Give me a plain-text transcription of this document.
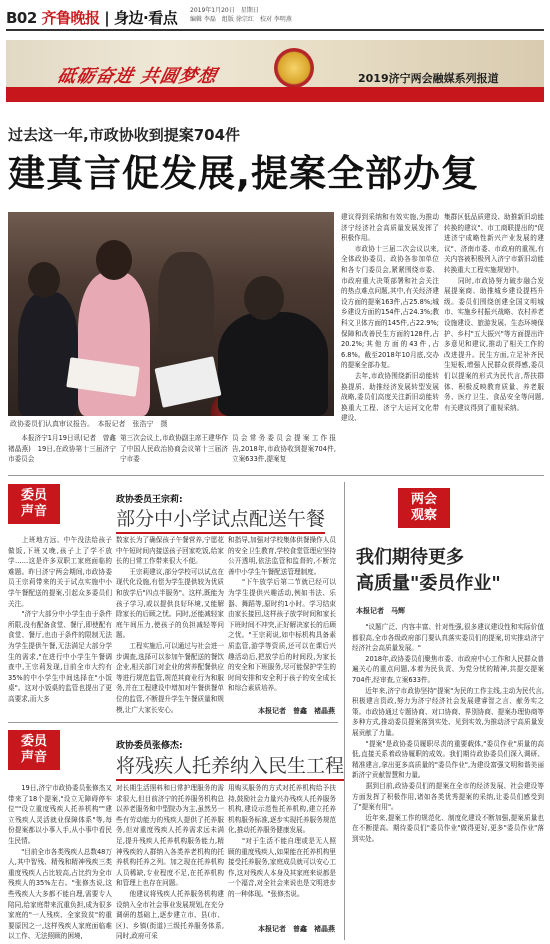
B02 齐鲁晚报 | 身边·看点 2019年1月20日　星期日
编辑 李磊　组版 徐宗红　校对 李明燕
砥砺奋进 共圆梦想	2019济宁两会融媒系列报道
过去这一年,市政协收到提案704件
建真言促发展,提案全部办复
政协委员们认真审议报告。　本报记者　张浩宁　摄
　　本报济宁1月19日讯(记者　曾鑫　褚晶燕)　19日,在政协第十三届济宁市委员会
第三次会议上,市政协副主席王建华作了中国人民政治协商会议第十三届济宁市委
员会常务委员会提案工作报告,2018年,市政协收到提案704件,立案633件,提案复
建议得到采纳和有效实施,为推动济宁经济社会高质量发展发挥了积极作用。
　　市政协十三届二次会议以来,全体政协委员、政协各参加单位和各专门委员会,紧紧围绕市委、市政府重大决策部署和社会关注的热点难点问题,其中,有关经济建设方面的提案163件,占25.8%;城乡建设方面的154件,占24.3%;教科文卫体方面的145件,占22.9%;保障和改善民生方面的128件,占20.2%;其他方面的43件,占6.8%。截至2018年10月底,交办的提案全部办复。
　　去年,市政协围绕新旧动能转换提质、助推经济发展转型发展战略,委员们高度关注新旧动能转换重大工程、济宁大运河文化带建设、
集群区低品质建设、助推新旧动能转换的建议"、市工商联提出的"促进济宁成略性新兴产业发展的建议"、济南市委、市政府的重视,有关内容被积极列入济宁市新旧动能转换重大工程实施规划中。
　　同时,市政协努力破步融合发展提案商、助推城乡建设提档升级。委员们围绕创建全国文明城市、实施乡村振兴战略、农村养老设施建设、旅游发展、生态环境保护、乡村"五大振兴"等方面提出许多意见和建议,推动了相关工作的改进提升。民生方面,立足补齐民生短板,增强人民群众获得感,委员们以提案的形式为民代言,帮扶群体、积极反映教育质量、养老服务、医疗卫生、食品安全等问题,有关建议得到了重视采纳。
委员
声音
政协委员王宗莉:
部分中小学试点配送午餐
　　上班地方远、中午没法给孩子做饭,下班又晚,孩子上了学不放学……这是许多双职工家庭面临的难题。昨日济宁两会期间,市政协委员王宗莉带来的关于试点实施中小学午餐配送的提案,引起众多委员们关注。
　　"济宁大部分中小学生由于条件所限,没有配备食堂、餐厅,即使配有食堂、餐厅,也由于条件的限制无法为学生提供午餐,无法满足大部分学生的需求,"在进行中小学生午餐调查中,王宗莉发现,目前全市大约有35%的中小学生中间选择在"小饭桌"。这对小饭桌的监管也提出了更高要求,而大多
数家长为了确保孩子午餐营养,宁愿花中午短时间内接送孩子回家吃饭,给家长的日常工作带来很大不便。
　　王宗莉建议,部分学校可以试点在现代化设施,有偿为学生提供较为优质和放学后"四点半服务"。这样,既能为孩子学习,或以提供良好环境,又能解除家长的后顾之忧。同时,还能减轻家庭午间压力,使孩子的负担减轻等问题。
　　工程实施后,可以通过与社会进一步调查,选择可以参加午餐配送的餐饮企业,相关部门对企业的营养配餐供应等进行规范监管,规范其商业行为和服务,并在工程建设中增加对午餐供餐单位的监管,不断提升学生午餐质量和规模,让广大家长安心。
和指导,加强对学校集体供餐操作人员的安全卫生教育,学校食堂管理应坚持公开透明,依法监管和监督的,不断完善中小学生午餐配送管理制度。
　　"下午放学后第二节就已经可以为学生提供兴趣活动,例如书法、乐器、舞蹈等,原时约1小时。学习结束由家长接回,这样孩子放学时间和家长下班时间不冲突,正好解决家长的后顾之忧。"王宗莉说,如中标机构具备素质监管,游学等资质,还可以在课后兴趣活动后,把放学后的时间段,为家长的安全和下班服务,尽可能保护学生的时间安排和安全利于孩子的安全成长和综合素质培养。
本报记者　曾鑫　褚晶燕
委员
声音
政协委员张修杰:
将残疾人托养纳入民生工程
　　19日,济宁市政协委员张修杰又带来了18个提案,"设立无障碍停车位""设立重度残疾人托养机构""建立残疾人灵活就业保障体系"等,每份提案都以小事入手,从小事中看民生民情。
　　"目前全市各类残疾人总数48万人,其中智残、精残和精神残疾三类重度残疾人占比较高,占比约为全市残疾人的35%左右。"张修杰说,这些残疾人大多都不能自理,需要专人陪同,给家庭带来沉重负担,成为很多家庭的"一人残疾、全家致贫"的重要原因之一,这样残疾人家庭面临难以工作、无法照顾的困境,
对长期生活照料和日常护理服务的需求很大,但目前济宁的托养服务机构总以养老服务和中型院办为主,虽然另一些有劳动能力的残疾人提供了托养服务,但对重度残疾人托养需求远未满足,提升残疾人托养机构服务能力,精神残疾的人群纳入各类养老机构的托养机构托养之列。加之现在托养机构人员稀缺,专业程度不足,在托养机构和管理上也存在问题。
　　他建议将残疾人托养服务机构建设纳入全市社会事业发展规划,在充分调研的基础上,逐步建立市、县(市、区)、乡镇(街道)三级托养服务体系,同时,政府可采
用购买服务的方式对托养机构给予扶持,鼓励社会力量兴办残疾人托养服务机构,建设示范性托养机构,建立托养机构服务标准,逐步实现托养服务规范化,推动托养服务健康发展。
　　"对于生活不能自理或是无人照顾的重度残疾人,如果能在托养机构里接受托养服务,家庭成员就可以安心工作,这对残疾人本身及其家庭来说都是一个福音,对全社会来说也是文明进步的一种体现。"张修杰说。
本报记者　曾鑫　褚晶燕
两会
观察
我们期待更多
高质量"委员作业"
本报记者　马辉
　　"议题广泛、内容丰富、针对性强,很多建议建设性和实际价值都很高,全市各级政府部门要认真落实委员们的提案,切实推动济宁经济社会高质量发展。"
　　2018年,政协委员们聚焦市委、市政府中心工作和人民群众普遍关心的重点问题,本着为民负责、为党分忧的精神,共提交提案704件,经审查,立案633件。
　　近年来,济宁市政协坚持"提案"为民的工作主线,主动为民代言,积极建言资政,努力为济宁经济社会发展建睿智之言、献务实之策。市政协通过专题协商、对口协商、界别协商、提案办理协商等多种方式,推动委员提案落到实处、见到实效,为推动济宁高质量发展贡献了力量。
　　"提案"是政协委员履职尽责的重要载体,"委员作业"质量的高低,直接关系着政协履职的成效。我们期待政协委员们深入调研、精准建言,拿出更多高质量的"委员作业",为建设富强文明和谐美丽新济宁贡献智慧和力量。
　　据到目前,政协委员们的提案在全市的经济发展、社会建设等方面发挥了积极作用,诸如各类优秀提案的采纳,让委员们感受到了"提案有用"。
　　近年来,提案工作的规范化、制度化建设不断加强,提案质量也在不断提高。期待委员们"委员作业"做得更好,更多"委员作业"落到实处。
